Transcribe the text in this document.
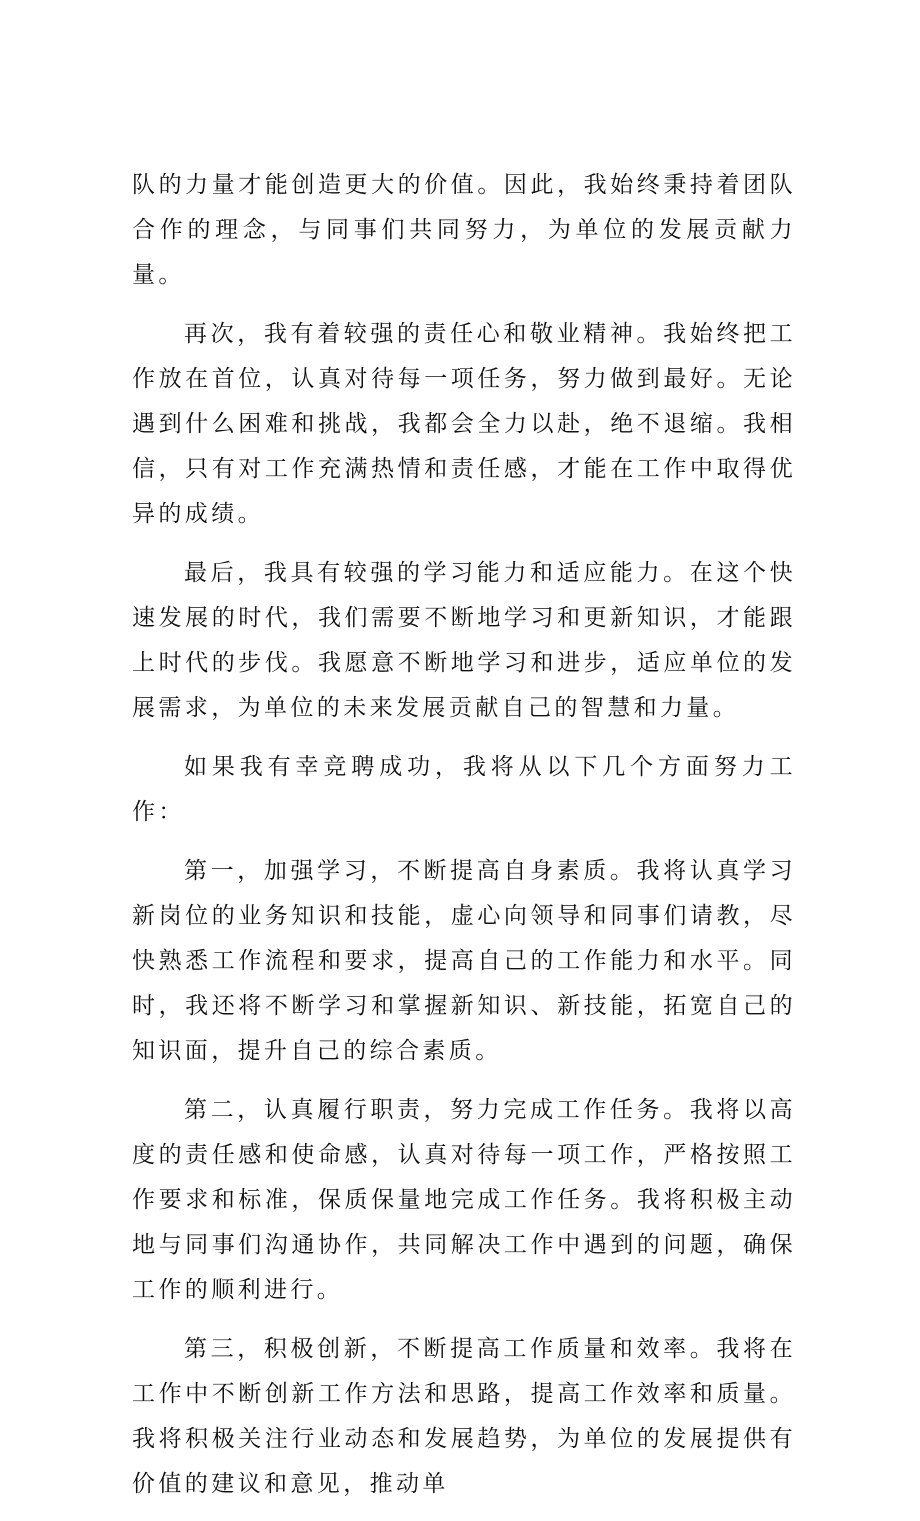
队的力量才能创造更大的价值。因此，我始终秉持着团队合作的理念，与同事们共同努力，为单位的发展贡献力量。

再次，我有着较强的责任心和敬业精神。我始终把工作放在首位，认真对待每一项任务，努力做到最好。无论遇到什么困难和挑战，我都会全力以赴，绝不退缩。我相信，只有对工作充满热情和责任感，才能在工作中取得优异的成绩。

最后，我具有较强的学习能力和适应能力。在这个快速发展的时代，我们需要不断地学习和更新知识，才能跟上时代的步伐。我愿意不断地学习和进步，适应单位的发展需求，为单位的未来发展贡献自己的智慧和力量。

如果我有幸竞聘成功，我将从以下几个方面努力工作：

第一，加强学习，不断提高自身素质。我将认真学习新岗位的业务知识和技能，虚心向领导和同事们请教，尽快熟悉工作流程和要求，提高自己的工作能力和水平。同时，我还将不断学习和掌握新知识、新技能，拓宽自己的知识面，提升自己的综合素质。

第二，认真履行职责，努力完成工作任务。我将以高度的责任感和使命感，认真对待每一项工作，严格按照工作要求和标准，保质保量地完成工作任务。我将积极主动地与同事们沟通协作，共同解决工作中遇到的问题，确保工作的顺利进行。

第三，积极创新，不断提高工作质量和效率。我将在工作中不断创新工作方法和思路，提高工作效率和质量。我将积极关注行业动态和发展趋势，为单位的发展提供有价值的建议和意见，推动单
